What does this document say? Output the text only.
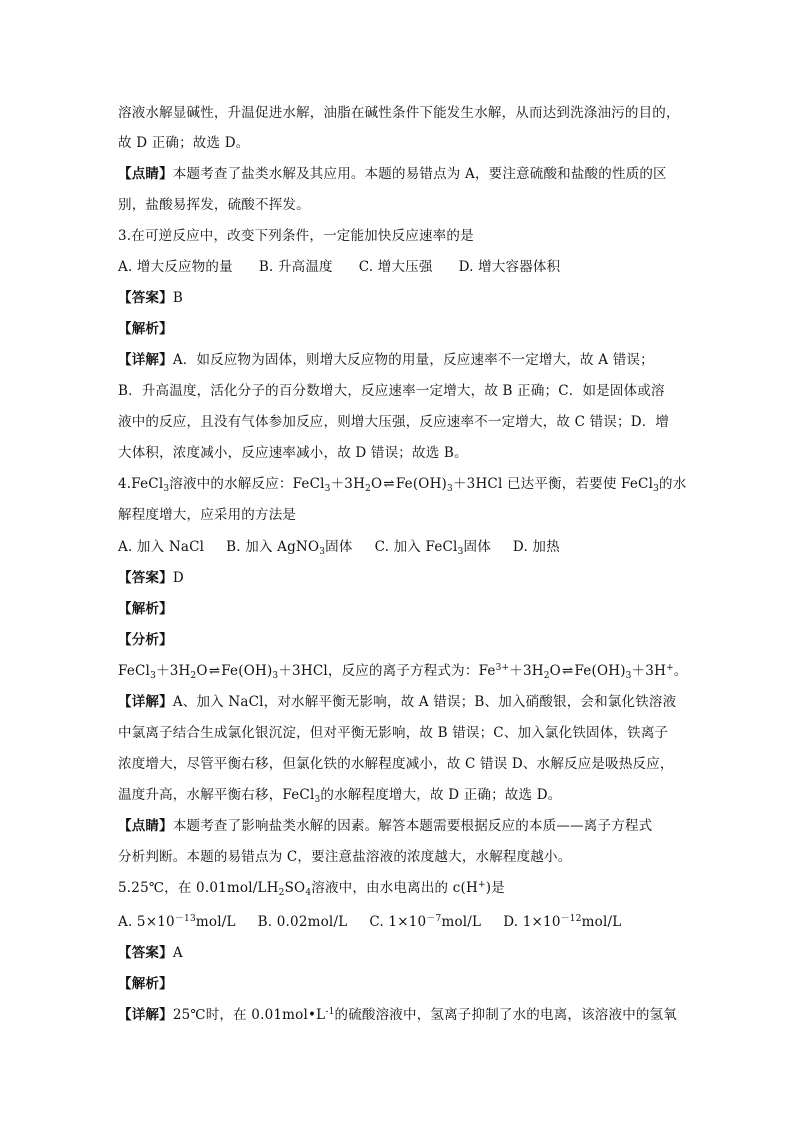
溶液水解显碱性，升温促进水解，油脂在碱性条件下能发生水解，从而达到洗涤油污的目的，
故 D 正确；故选 D。
【点睛】本题考查了盐类水解及其应用。本题的易错点为 A，要注意硫酸和盐酸的性质的区
别，盐酸易挥发，硫酸不挥发。
3.在可逆反应中，改变下列条件，一定能加快反应速率的是
A. 增大反应物的量 B. 升高温度 C. 增大压强 D. 增大容器体积
【答案】B
【解析】
【详解】A．如反应物为固体，则增大反应物的用量，反应速率不一定增大，故 A 错误；
B．升高温度，活化分子的百分数增大，反应速率一定增大，故 B 正确；C．如是固体或溶
液中的反应，且没有气体参加反应，则增大压强，反应速率不一定增大，故 C 错误；D．增
大体积，浓度减小，反应速率减小，故 D 错误；故选 B。
4.FeCl$_3$溶液中的水解反应：$FeCl_3+3H_2O\rightleftharpoons Fe(OH)_3+3HCl$ 已达平衡，若要使 FeCl$_3$的水
解程度增大，应采用的方法是
A. 加入 NaCl B. 加入 AgNO$_3$固体 C. 加入 FeCl$_3$固体 D. 加热
【答案】D
【解析】
【分析】
$FeCl_3+3H_2O\rightleftharpoons Fe(OH)_3+3HCl$，反应的离子方程式为：$Fe^{3+}+3H_2O\rightleftharpoons Fe(OH)_3+3H^+$。
【详解】A、加入 NaCl，对水解平衡无影响，故 A 错误；B、加入硝酸银，会和氯化铁溶液
中氯离子结合生成氯化银沉淀，但对平衡无影响，故 B 错误；C、加入氯化铁固体，铁离子
浓度增大，尽管平衡右移，但氯化铁的水解程度减小，故 C 错误 D、水解反应是吸热反应，
温度升高，水解平衡右移，FeCl$_3$的水解程度增大，故 D 正确；故选 D。
【点睛】本题考查了影响盐类水解的因素。解答本题需要根据反应的本质——离子方程式
分析判断。本题的易错点为 C，要注意盐溶液的浓度越大，水解程度越小。
5.25℃，在 $0.01mol/LH_2SO_4$溶液中，由水电离出的 c(H+)是
A. $5\times 10^{-13}mol/L$ B. 0.02mol/L C. $1\times 10^{-7}mol/L$ D. $1\times 10^{-12}mol/L$
【答案】A
【解析】
【详解】25℃时，在 $0.01mol•L^{-1}$的硫酸溶液中，氢离子抑制了水的电离，该溶液中的氢氧
